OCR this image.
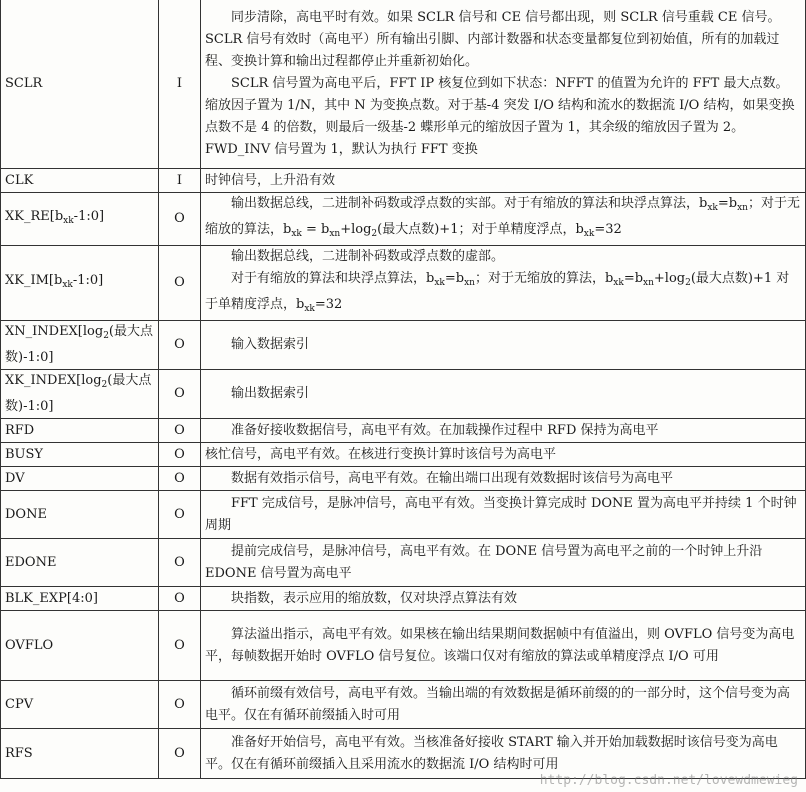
SCLR	I	同步清除，高电平时有效。如果 SCLR 信号和 CE 信号都出现，则 SCLR 信号重载 CE 信号。SCLR 信号有效时（高电平）所有输出引脚、内部计数器和状态变量都复位到初始值，所有的加载过程、变换计算和输出过程都停止并重新初始化。
SCLR 信号置为高电平后，FFT IP 核复位到如下状态：NFFT 的值置为允许的 FFT 最大点数。缩放因子置为 1/N，其中 N 为变换点数。对于基-4 突发 I/O 结构和流水的数据流 I/O 结构，如果变换点数不是 4 的倍数，则最后一级基-2 蝶形单元的缩放因子置为 1，其余级的缩放因子置为 2。FWD_INV 信号置为 1，默认为执行 FFT 变换

CLK	I	时钟信号，上升沿有效

$XK\_RE[b_{xk}-1:0]$	O	输出数据总线，二进制补码数或浮点数的实部。对于有缩放的算法和块浮点算法，$b_{xk}=b_{xn}$；对于无缩放的算法，$b_{xk} = b_{xn}+\log_2$(最大点数)+1；对于单精度浮点，$b_{xk}=32$

$XK\_IM[b_{xk}-1:0]$	O	输出数据总线，二进制补码数或浮点数的虚部。
对于有缩放的算法和块浮点算法，$b_{xk}=b_{xn}$；对于无缩放的算法，$b_{xk}=b_{xn}+\log_2$(最大点数)+1 对于单精度浮点，$b_{xk}=32$

$XN\_INDEX[\log_2$(最大点数)-1:0]	O	输入数据索引

$XK\_INDEX[\log_2$(最大点数)-1:0]	O	输出数据索引

RFD	O	准备好接收数据信号，高电平有效。在加载操作过程中 RFD 保持为高电平

BUSY	O	核忙信号，高电平有效。在核进行变换计算时该信号为高电平

DV	O	数据有效指示信号，高电平有效。在输出端口出现有效数据时该信号为高电平

DONE	O	FFT 完成信号，是脉冲信号，高电平有效。当变换计算完成时 DONE 置为高电平并持续 1 个时钟周期

EDONE	O	提前完成信号，是脉冲信号，高电平有效。在 DONE 信号置为高电平之前的一个时钟上升沿 EDONE 信号置为高电平

BLK_EXP[4:0]	O	块指数，表示应用的缩放数，仅对块浮点算法有效

OVFLO	O	算法溢出指示，高电平有效。如果核在输出结果期间数据帧中有值溢出，则 OVFLO 信号变为高电平，每帧数据开始时 OVFLO 信号复位。该端口仅对有缩放的算法或单精度浮点 I/O 可用

CPV	O	循环前缀有效信号，高电平有效。当输出端的有效数据是循环前缀的的一部分时，这个信号变为高电平。仅在有循环前缀插入时可用

RFS	O	准备好开始信号，高电平有效。当核准备好接收 START 输入并开始加载数据时该信号变为高电平。仅在有循环前缀插入且采用流水的数据流 I/O 结构时可用
http://blog.csdn.net/lovewdmewieg
